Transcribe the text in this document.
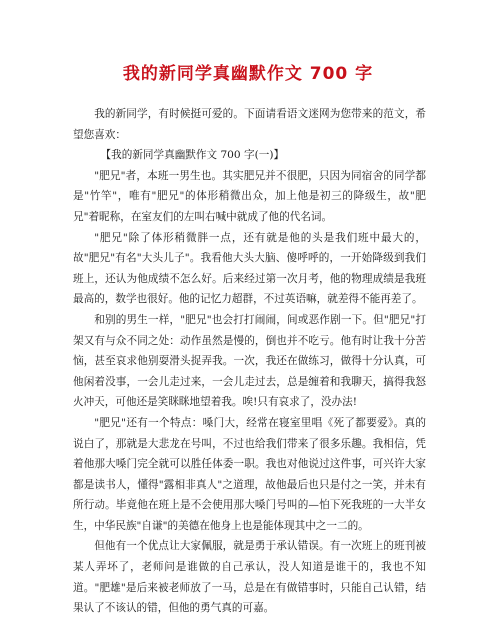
我的新同学真幽默作文 700 字

我的新同学，有时候挺可爱的。下面请看语文迷网为您带来的范文，希望您喜欢：

【我的新同学真幽默作文 700 字(一)】

"肥兄"者，本班一男生也。其实肥兄并不很肥，只因为同宿舍的同学都是"竹竿"，唯有"肥兄"的体形稍微出众，加上他是初三的降级生，故"肥兄"着昵称，在室友们的左叫右喊中就成了他的代名词。

"肥兄"除了体形稍微胖一点，还有就是他的头是我们班中最大的，故"肥兄"有名"大头儿子"。我看他大头大脑、傻呼呼的，一开始降级到我们班上，还认为他成绩不怎么好。后来经过第一次月考，他的物理成绩是我班最高的，数学也很好。他的记忆力超群，不过英语嘛，就差得不能再差了。

和别的男生一样，"肥兄"也会打打闹闹，间或恶作剧一下。但"肥兄"打架又有与众不同之处：动作虽然是慢的，倒也并不吃亏。他有时让我十分苦恼，甚至哀求他别耍滑头捉弄我。一次，我还在做练习，做得十分认真，可他闲着没事，一会儿走过来，一会儿走过去，总是缠着和我聊天，搞得我怒火冲天，可他还是笑眯眯地望着我。唉!只有哀求了，没办法!

"肥兄"还有一个特点：嗓门大，经常在寝室里唱《死了都要爱》。真的说白了，那就是大悲龙在号叫，不过也给我们带来了很多乐趣。我相信，凭着他那大嗓门完全就可以胜任体委一职。我也对他说过这件事，可兴许大家都是读书人，懂得"露相非真人"之道理，故他最后也只是付之一笑，并未有所行动。毕竟他在班上是不会使用那大嗓门号叫的—怕下死我班的一大半女生，中华民族"自谦"的美德在他身上也是能体现其中之一二的。

但他有一个优点让大家佩服，就是勇于承认错误。有一次班上的班刊被某人弄坏了，老师问是谁做的自己承认，没人知道是谁干的，我也不知道。"肥雄"是后来被老师放了一马，总是在有做错事时，只能自己认错，结果认了不该认的错，但他的勇气真的可嘉。
